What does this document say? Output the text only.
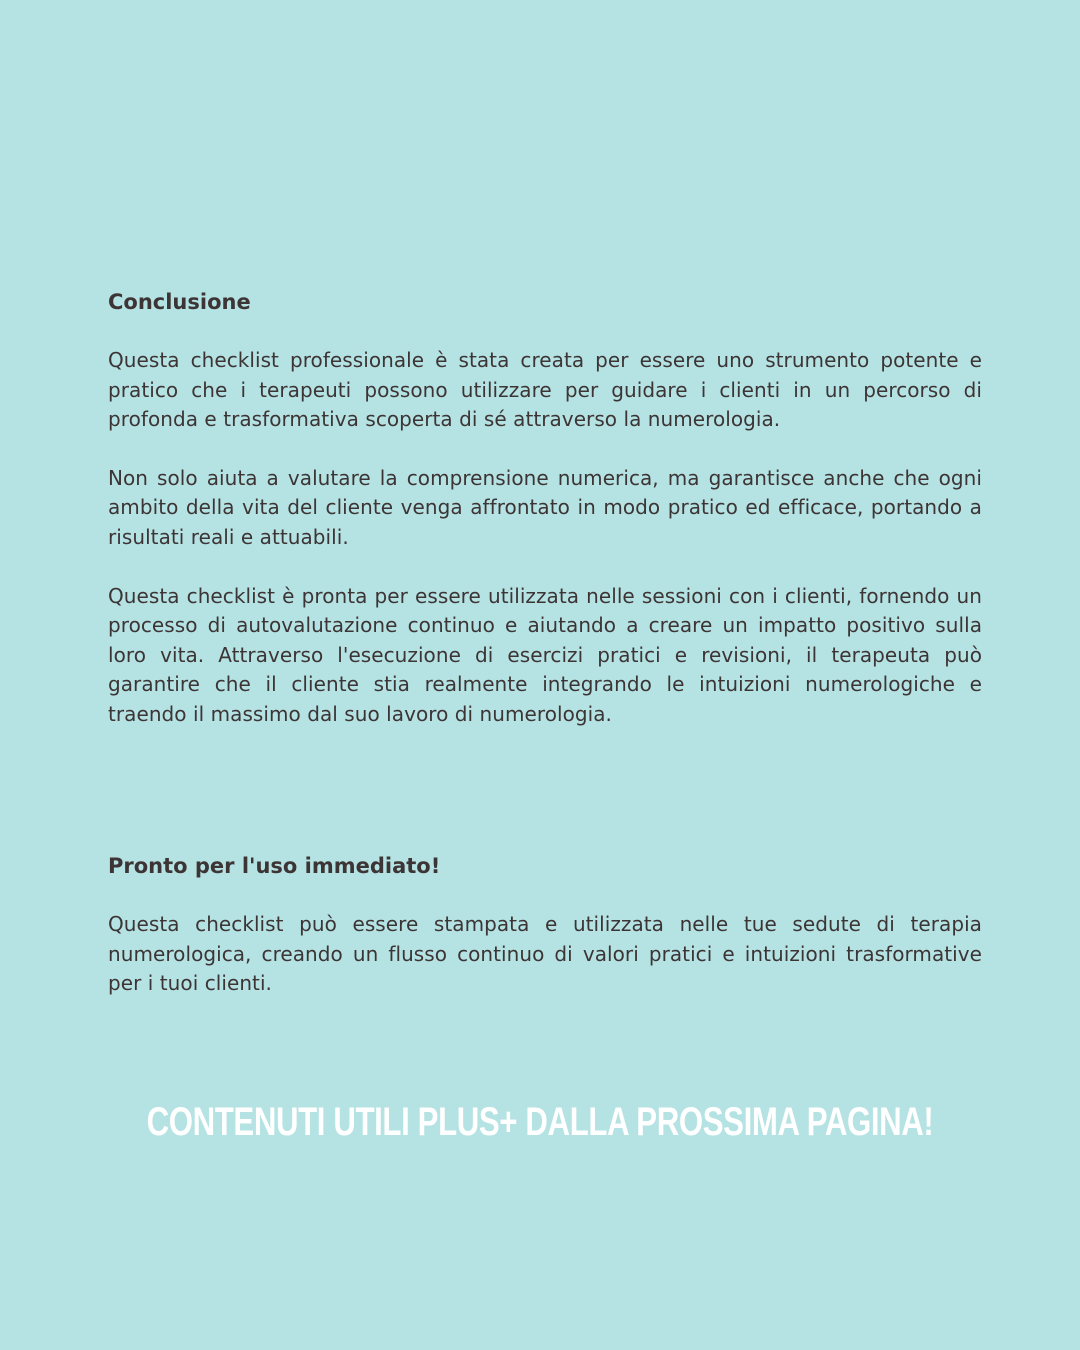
Conclusione

Questa checklist professionale è stata creata per essere uno strumento potente e pratico che i terapeuti possono utilizzare per guidare i clienti in un percorso di profonda e trasformativa scoperta di sé attraverso la numerologia.

Non solo aiuta a valutare la comprensione numerica, ma garantisce anche che ogni ambito della vita del cliente venga affrontato in modo pratico ed efficace, portando a risultati reali e attuabili.

Questa checklist è pronta per essere utilizzata nelle sessioni con i clienti, fornendo un processo di autovalutazione continuo e aiutando a creare un impatto positivo sulla loro vita. Attraverso l'esecuzione di esercizi pratici e revisioni, il terapeuta può garantire che il cliente stia realmente integrando le intuizioni numerologiche e traendo il massimo dal suo lavoro di numerologia.

Pronto per l'uso immediato!

Questa checklist può essere stampata e utilizzata nelle tue sedute di terapia numerologica, creando un flusso continuo di valori pratici e intuizioni trasformative per i tuoi clienti.

CONTENUTI UTILI PLUS+ DALLA PROSSIMA PAGINA!
